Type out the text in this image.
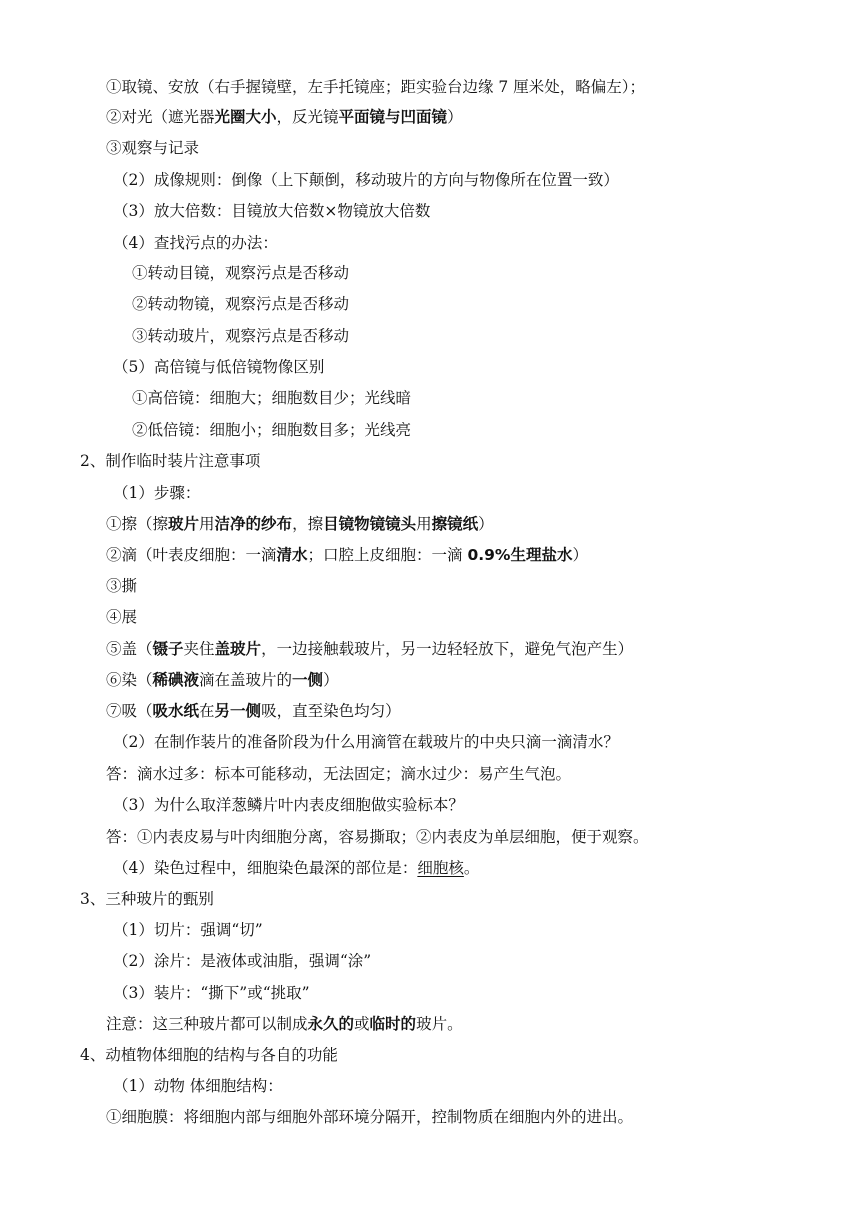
①取镜、安放（右手握镜壁，左手托镜座；距实验台边缘 7 厘米处，略偏左）；
②对光（遮光器光圈大小，反光镜平面镜与凹面镜）
③观察与记录
（2）成像规则：倒像（上下颠倒，移动玻片的方向与物像所在位置一致）
（3）放大倍数：目镜放大倍数×物镜放大倍数
（4）查找污点的办法：
①转动目镜，观察污点是否移动
②转动物镜，观察污点是否移动
③转动玻片，观察污点是否移动
（5）高倍镜与低倍镜物像区别
①高倍镜：细胞大；细胞数目少；光线暗
②低倍镜：细胞小；细胞数目多；光线亮
2、制作临时装片注意事项
（1）步骤：
①擦（擦玻片用洁净的纱布，擦目镜物镜镜头用擦镜纸）
②滴（叶表皮细胞：一滴清水；口腔上皮细胞：一滴 0.9%生理盐水）
③撕
④展
⑤盖（镊子夹住盖玻片，一边接触载玻片，另一边轻轻放下，避免气泡产生）
⑥染（稀碘液滴在盖玻片的一侧）
⑦吸（吸水纸在另一侧吸，直至染色均匀）
（2）在制作装片的准备阶段为什么用滴管在载玻片的中央只滴一滴清水？
答：滴水过多：标本可能移动，无法固定；滴水过少：易产生气泡。
（3）为什么取洋葱鳞片叶内表皮细胞做实验标本？
答：①内表皮易与叶肉细胞分离，容易撕取；②内表皮为单层细胞，便于观察。
（4）染色过程中，细胞染色最深的部位是：细胞核。
3、三种玻片的甄别
（1）切片：强调“切”
（2）涂片：是液体或油脂，强调“涂”
（3）装片：“撕下”或“挑取”
注意：这三种玻片都可以制成永久的或临时的玻片。
4、动植物体细胞的结构与各自的功能
（1）动物 体细胞结构：
①细胞膜：将细胞内部与细胞外部环境分隔开，控制物质在细胞内外的进出。
